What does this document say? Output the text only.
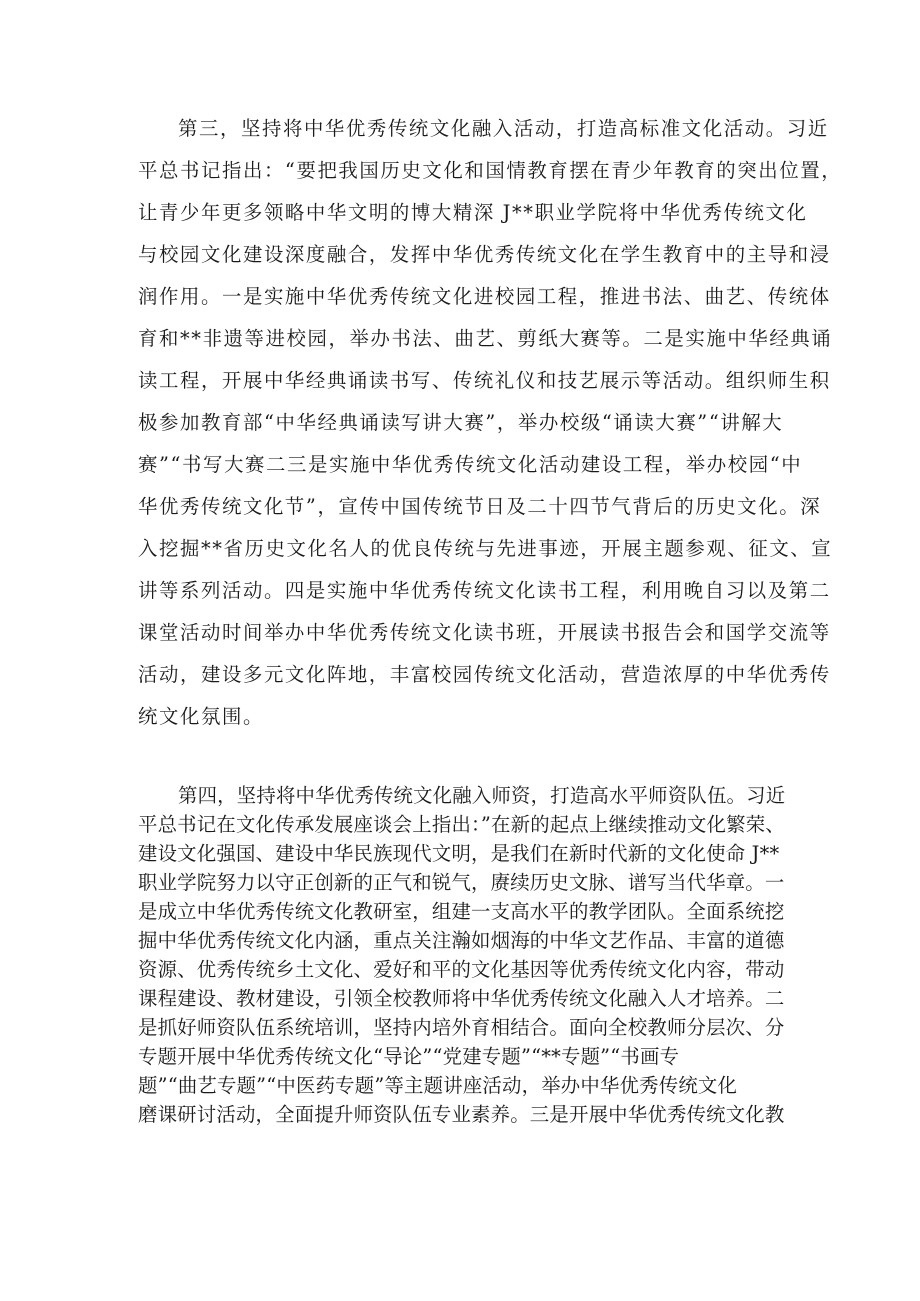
第三，坚持将中华优秀传统文化融入活动，打造高标准文化活动。习近
平总书记指出：“要把我国历史文化和国情教育摆在青少年教育的突出位置，
让青少年更多领略中华文明的博大精深 J**职业学院将中华优秀传统文化
与校园文化建设深度融合，发挥中华优秀传统文化在学生教育中的主导和浸
润作用。一是实施中华优秀传统文化进校园工程，推进书法、曲艺、传统体
育和**非遗等进校园，举办书法、曲艺、剪纸大赛等。二是实施中华经典诵
读工程，开展中华经典诵读书写、传统礼仪和技艺展示等活动。组织师生积
极参加教育部“中华经典诵读写讲大赛”，举办校级“诵读大赛”“讲解大
赛”“书写大赛二三是实施中华优秀传统文化活动建设工程，举办校园“中
华优秀传统文化节”，宣传中国传统节日及二十四节气背后的历史文化。深
入挖掘**省历史文化名人的优良传统与先进事迹，开展主题参观、征文、宣
讲等系列活动。四是实施中华优秀传统文化读书工程，利用晚自习以及第二
课堂活动时间举办中华优秀传统文化读书班，开展读书报告会和国学交流等
活动，建设多元文化阵地，丰富校园传统文化活动，营造浓厚的中华优秀传
统文化氛围。
第四，坚持将中华优秀传统文化融入师资，打造高水平师资队伍。习近
平总书记在文化传承发展座谈会上指出：”在新的起点上继续推动文化繁荣、
建设文化强国、建设中华民族现代文明，是我们在新时代新的文化使命 J**
职业学院努力以守正创新的正气和锐气，赓续历史文脉、谱写当代华章。一
是成立中华优秀传统文化教研室，组建一支高水平的教学团队。全面系统挖
掘中华优秀传统文化内涵，重点关注瀚如烟海的中华文艺作品、丰富的道德
资源、优秀传统乡土文化、爱好和平的文化基因等优秀传统文化内容，带动
课程建设、教材建设，引领全校教师将中华优秀传统文化融入人才培养。二
是抓好师资队伍系统培训，坚持内培外育相结合。面向全校教师分层次、分
专题开展中华优秀传统文化“导论”“党建专题”“**专题”“书画专
题”“曲艺专题”“中医药专题”等主题讲座活动，举办中华优秀传统文化
磨课研讨活动，全面提升师资队伍专业素养。三是开展中华优秀传统文化教
